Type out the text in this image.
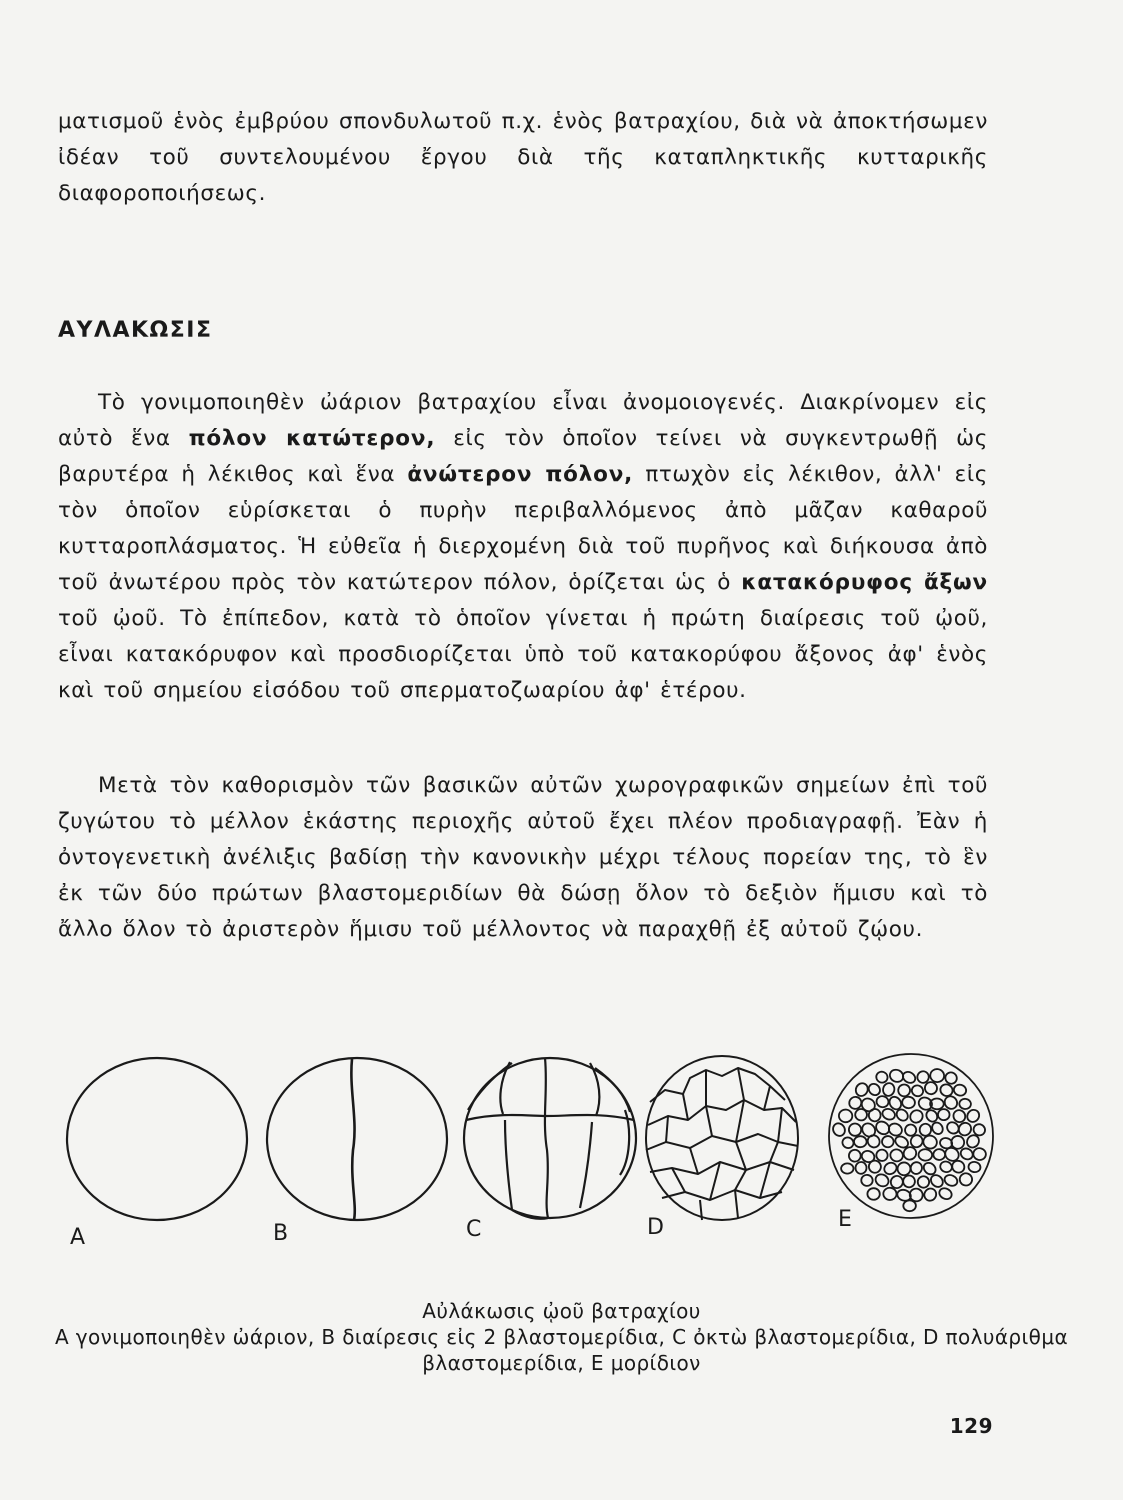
ματισμοῦ ἑνὸς ἐμβρύου σπονδυλωτοῦ π.χ. ἑνὸς βατραχίου, διὰ νὰ ἀποκτήσωμεν ἰδέαν τοῦ συντελουμένου ἔργου διὰ τῆς καταπληκτικῆς κυτταρικῆς διαφοροποιήσεως.

ΑΥΛΑΚΩΣΙΣ

Τὸ γονιμοποιηθὲν ὠάριον βατραχίου εἶναι ἀνομοιογενές. Διακρίνομεν εἰς αὐτὸ ἕνα πόλον κατώτερον, εἰς τὸν ὁποῖον τείνει νὰ συγκεντρωθῇ ὡς βαρυτέρα ἡ λέκιθος καὶ ἕνα ἀνώτερον πόλον, πτωχὸν εἰς λέκιθον, ἀλλ' εἰς τὸν ὁποῖον εὑρίσκεται ὁ πυρὴν περιβαλλόμενος ἀπὸ μᾶζαν καθαροῦ κυτταροπλάσματος. Ἡ εὐθεῖα ἡ διερχομένη διὰ τοῦ πυρῆνος καὶ διήκουσα ἀπὸ τοῦ ἀνωτέρου πρὸς τὸν κατώτερον πόλον, ὁρίζεται ὡς ὁ κατακόρυφος ἄξων τοῦ ᾠοῦ. Τὸ ἐπίπεδον, κατὰ τὸ ὁποῖον γίνεται ἡ πρώτη διαίρεσις τοῦ ᾠοῦ, εἶναι κατακόρυφον καὶ προσδιορίζεται ὑπὸ τοῦ κατακορύφου ἄξονος ἀφ' ἑνὸς καὶ τοῦ σημείου εἰσόδου τοῦ σπερματοζωαρίου ἀφ' ἑτέρου.

Μετὰ τὸν καθορισμὸν τῶν βασικῶν αὐτῶν χωρογραφικῶν σημείων ἐπὶ τοῦ ζυγώτου τὸ μέλλον ἑκάστης περιοχῆς αὐτοῦ ἔχει πλέον προδιαγραφῇ. Ἐὰν ἡ ὀντογενετικὴ ἀνέλιξις βαδίσῃ τὴν κανονικὴν μέχρι τέλους πορείαν της, τὸ ἓν ἐκ τῶν δύο πρώτων βλαστομεριδίων θὰ δώσῃ ὅλον τὸ δεξιὸν ἥμισυ καὶ τὸ ἄλλο ὅλον τὸ ἀριστερὸν ἥμισυ τοῦ μέλλοντος νὰ παραχθῇ ἐξ αὐτοῦ ζῴου.

A	B	C	D	E
Αὐλάκωσις ᾠοῦ βατραχίου
Α γονιμοποιηθὲν ὠάριον, Β διαίρεσις εἰς 2 βλαστομερίδια, C ὀκτὼ βλαστομερίδια, D πολυάριθμα βλαστομερίδια, Ε μορίδιον
129
